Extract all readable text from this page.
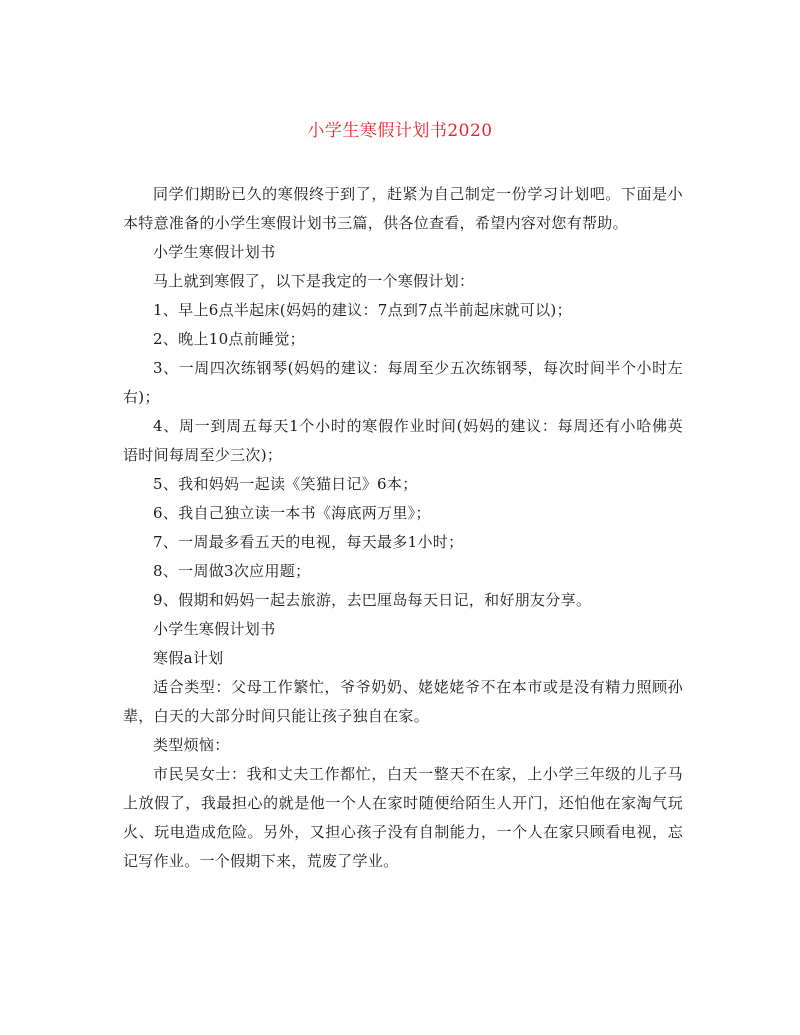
小学生寒假计划书2020

同学们期盼已久的寒假终于到了，赶紧为自己制定一份学习计划吧。下面是小本特意准备的小学生寒假计划书三篇，供各位查看，希望内容对您有帮助。

小学生寒假计划书

马上就到寒假了，以下是我定的一个寒假计划：

1、早上6点半起床(妈妈的建议：7点到7点半前起床就可以)；

2、晚上10点前睡觉；

3、一周四次练钢琴(妈妈的建议：每周至少五次练钢琴，每次时间半个小时左右)；

4、周一到周五每天1个小时的寒假作业时间(妈妈的建议：每周还有小哈佛英语时间每周至少三次)；

5、我和妈妈一起读《笑猫日记》6本；

6、我自己独立读一本书《海底两万里》；

7、一周最多看五天的电视，每天最多1小时；

8、一周做3次应用题；

9、假期和妈妈一起去旅游，去巴厘岛每天日记，和好朋友分享。

小学生寒假计划书

寒假a计划

适合类型：父母工作繁忙，爷爷奶奶、姥姥姥爷不在本市或是没有精力照顾孙辈，白天的大部分时间只能让孩子独自在家。

类型烦恼：

市民吴女士：我和丈夫工作都忙，白天一整天不在家，上小学三年级的儿子马上放假了，我最担心的就是他一个人在家时随便给陌生人开门，还怕他在家淘气玩火、玩电造成危险。另外，又担心孩子没有自制能力，一个人在家只顾看电视，忘记写作业。一个假期下来，荒废了学业。
